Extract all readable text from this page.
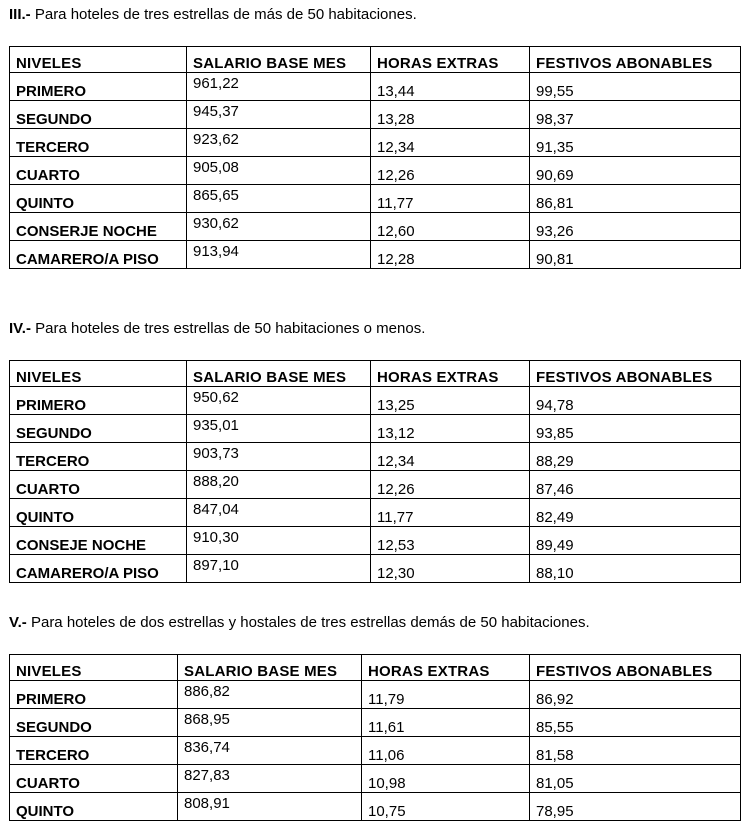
III.- Para hoteles de tres estrellas de más de 50 habitaciones.
NIVELES	SALARIO BASE MES	HORAS EXTRAS	FESTIVOS ABONABLES
PRIMERO	961,22	13,44	99,55
SEGUNDO	945,37	13,28	98,37
TERCERO	923,62	12,34	91,35
CUARTO	905,08	12,26	90,69
QUINTO	865,65	11,77	86,81
CONSERJE NOCHE	930,62	12,60	93,26
CAMARERO/A PISO	913,94	12,28	90,81
IV.- Para hoteles de tres estrellas de 50 habitaciones o menos.
NIVELES	SALARIO BASE MES	HORAS EXTRAS	FESTIVOS ABONABLES
PRIMERO	950,62	13,25	94,78
SEGUNDO	935,01	13,12	93,85
TERCERO	903,73	12,34	88,29
CUARTO	888,20	12,26	87,46
QUINTO	847,04	11,77	82,49
CONSEJE NOCHE	910,30	12,53	89,49
CAMARERO/A PISO	897,10	12,30	88,10
V.- Para hoteles de dos estrellas y hostales de tres estrellas demás de 50 habitaciones.
NIVELES	SALARIO BASE MES	HORAS EXTRAS	FESTIVOS ABONABLES
PRIMERO	886,82	11,79	86,92
SEGUNDO	868,95	11,61	85,55
TERCERO	836,74	11,06	81,58
CUARTO	827,83	10,98	81,05
QUINTO	808,91	10,75	78,95
